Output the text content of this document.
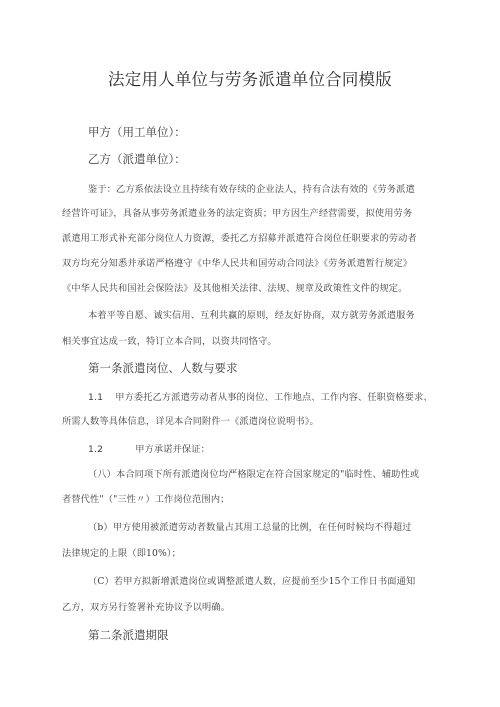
法定用人单位与劳务派遣单位合同模版
甲方（用工单位）：
乙方（派遣单位）：
鉴于：乙方系依法设立且持续有效存续的企业法人，持有合法有效的《劳务派遣
经营许可证》，具备从事劳务派遣业务的法定资质；甲方因生产经营需要，拟使用劳务
派遣用工形式补充部分岗位人力资源，委托乙方招募并派遣符合岗位任职要求的劳动者
双方均充分知悉并承诺严格遵守《中华人民共和国劳动合同法》《劳务派遣暂行规定》
《中华人民共和国社会保险法》及其他相关法律、法规、规章及政策性文件的规定。
本着平等自愿、诚实信用、互利共赢的原则，经友好协商，双方就劳务派遣服务
相关事宜达成一致，特订立本合同，以资共同恪守。
第一条派遣岗位、人数与要求
1.1 甲方委托乙方派遣劳动者从事的岗位、工作地点、工作内容、任职资格要求、
所需人数等具体信息，详见本合同附件一《派遣岗位说明书》。
1.2	甲方承诺并保证：
（八）本合同项下所有派遣岗位均严格限定在符合国家规定的"临时性、辅助性或
者替代性"（"三性〃）工作岗位范围内；
（b）甲方使用被派遣劳动者数量占其用工总量的比例，在任何时候均不得超过
法律规定的上限（即10%）；
（C）若甲方拟新增派遣岗位或调整派遣人数，应提前至少15个工作日书面通知
乙方，双方另行签署补充协议予以明确。
第二条派遣期限
